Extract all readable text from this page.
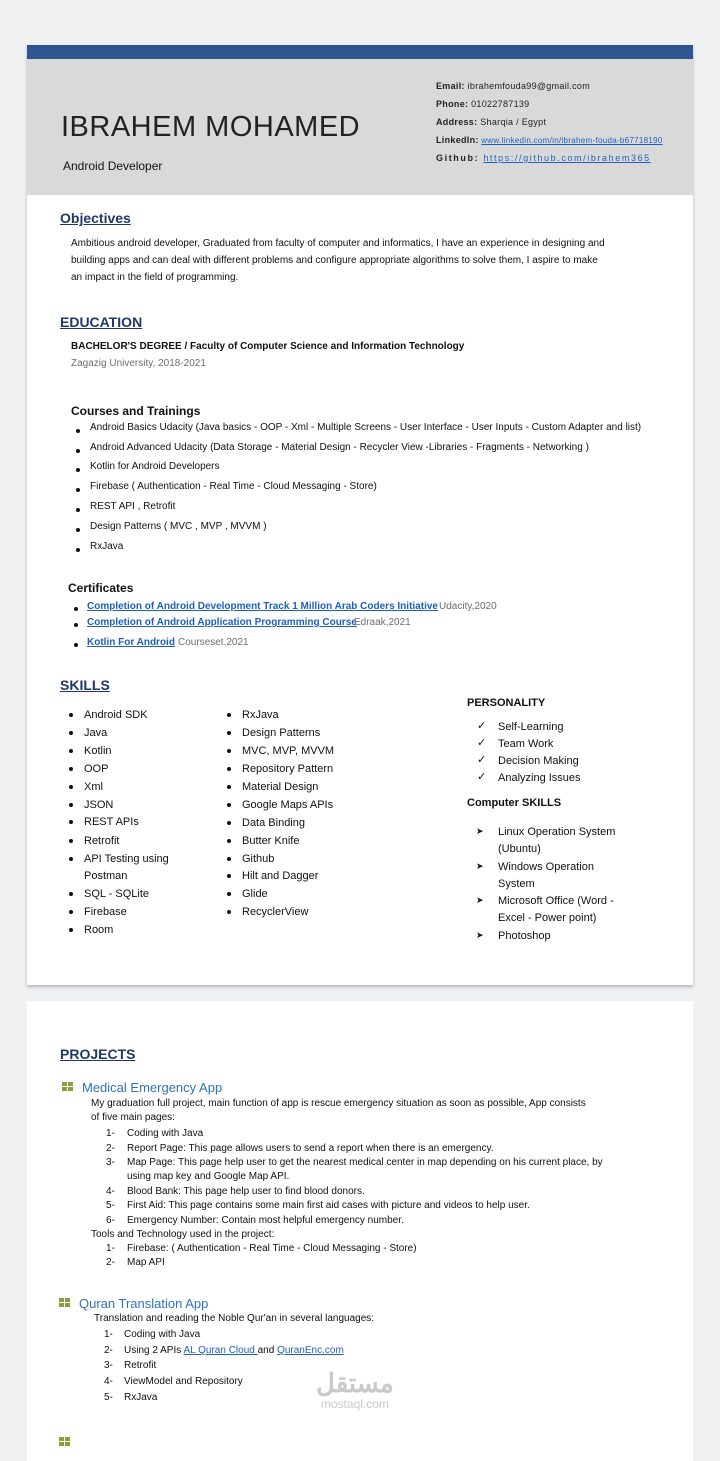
IBRAHEM MOHAMED
Android Developer
Email: ibrahemfouda99@gmail.com
Phone: 01022787139
Address: Sharqia / Egypt
LinkedIn: www.linkedin.com/in/ibrahem-fouda-b67718190
Github: https://github.com/ibrahem365
Objectives
Ambitious android developer, Graduated from faculty of computer and informatics, I have an experience in designing and
building apps and can deal with different problems and configure appropriate algorithms to solve them, I aspire to make
an impact in the field of programming.
EDUCATION
BACHELOR'S DEGREE / Faculty of Computer Science and Information Technology
Zagazig University, 2018-2021
Courses and Trainings
Android Basics Udacity (Java basics - OOP - Xml - Multiple Screens - User Interface - User Inputs - Custom Adapter and list)
Android Advanced Udacity (Data Storage - Material Design - Recycler View -Libraries - Fragments - Networking )
Kotlin for Android Developers
Firebase ( Authentication - Real Time - Cloud Messaging - Store)
REST API , Retrofit
Design Patterns ( MVC , MVP , MVVM )
RxJava
Certificates
Completion of Android Development Track 1 Million Arab Coders Initiative Udacity,2020
Completion of Android Application Programming Course
Edraak,2021
Kotlin For Android Courseset,2021
SKILLS
Android SDK
Java
Kotlin
OOP
Xml
JSON
REST APIs
Retrofit
API Testing using
Postman
SQL - SQLite
Firebase
Room
RxJava
Design Patterns
MVC, MVP, MVVM
Repository Pattern
Material Design
Google Maps APIs
Data Binding
Butter Knife
Github
Hilt and Dagger
Glide
RecyclerView
PERSONALITY
✓ Self-Learning
✓ Team Work
✓ Decision Making
✓ Analyzing Issues
Computer SKILLS
➤ Linux Operation System
(Ubuntu)
➤ Windows Operation
System
➤ Microsoft Office (Word -
Excel - Power point)
➤ Photoshop
PROJECTS
Medical Emergency App
My graduation full project, main function of app is rescue emergency situation as soon as possible, App consists
of five main pages:
1- Coding with Java
2- Report Page: This page allows users to send a report when there is an emergency.
3- Map Page: This page help user to get the nearest medical center in map depending on his current place, by
using map key and Google Map API.
4- Blood Bank: This page help user to find blood donors.
5- First Aid: This page contains some main first aid cases with picture and videos to help user.
6- Emergency Number: Contain most helpful emergency number.
Tools and Technology used in the project:
1- Firebase: ( Authentication - Real Time - Cloud Messaging - Store)
2- Map API
Quran Translation App
Translation and reading the Noble Qur'an in several languages:
1- Coding with Java
2- Using 2 APIs AL Quran Cloud and QuranEnc.com
3- Retrofit
4- ViewModel and Repository
5- RxJava	مستقل
mostaql.com
